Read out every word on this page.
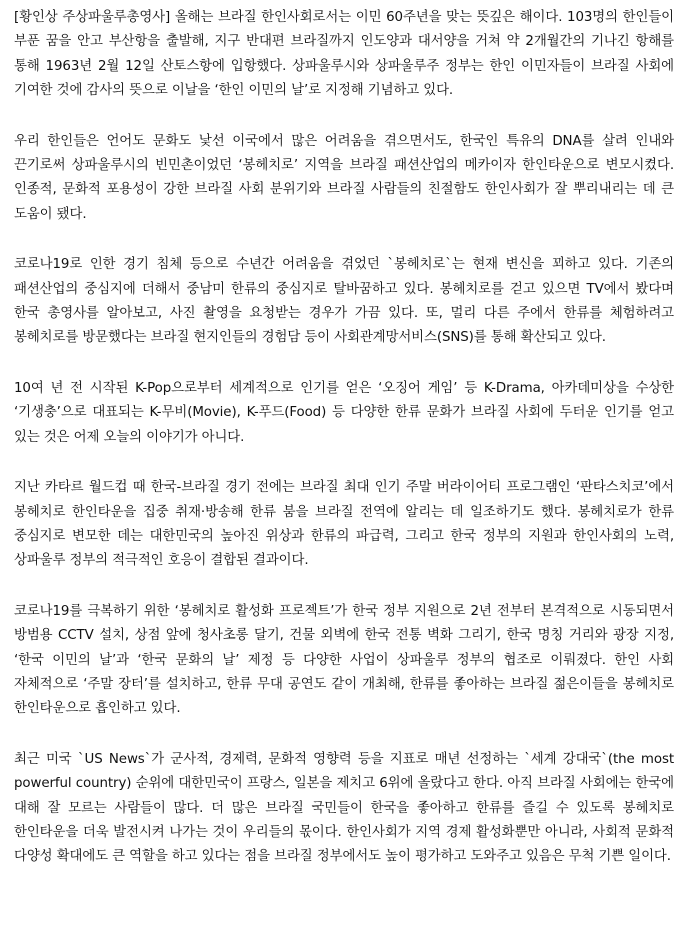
[황인상 주상파울루총영사] 올해는 브라질 한인사회로서는 이민 60주년을 맞는 뜻깊은 해이다. 103명의 한인들이 부푼 꿈을 안고 부산항을 출발해, 지구 반대편 브라질까지 인도양과 대서양을 거쳐 약 2개월간의 기나긴 항해를 통해 1963년 2월 12일 산토스항에 입항했다. 상파울루시와 상파울루주 정부는 한인 이민자들이 브라질 사회에 기여한 것에 감사의 뜻으로 이날을 ‘한인 이민의 날’로 지정해 기념하고 있다.

우리 한인들은 언어도 문화도 낯선 이국에서 많은 어려움을 겪으면서도, 한국인 특유의 DNA를 살려 인내와 끈기로써 상파울루시의 빈민촌이었던 ‘봉헤치로’ 지역을 브라질 패션산업의 메카이자 한인타운으로 변모시켰다. 인종적, 문화적 포용성이 강한 브라질 사회 분위기와 브라질 사람들의 친절함도 한인사회가 잘 뿌리내리는 데 큰 도움이 됐다.

코로나19로 인한 경기 침체 등으로 수년간 어려움을 겪었던 `봉헤치로`는 현재 변신을 꾀하고 있다. 기존의 패션산업의 중심지에 더해서 중남미 한류의 중심지로 탈바꿈하고 있다. 봉헤치로를 걷고 있으면 TV에서 봤다며 한국 총영사를 알아보고, 사진 촬영을 요청받는 경우가 가끔 있다. 또, 멀리 다른 주에서 한류를 체험하려고 봉헤치로를 방문했다는 브라질 현지인들의 경험담 등이 사회관계망서비스(SNS)를 통해 확산되고 있다.

10여 년 전 시작된 K-Pop으로부터 세계적으로 인기를 얻은 ‘오징어 게임’ 등 K-Drama, 아카데미상을 수상한 ‘기생충’으로 대표되는 K-무비(Movie), K-푸드(Food) 등 다양한 한류 문화가 브라질 사회에 두터운 인기를 얻고 있는 것은 어제 오늘의 이야기가 아니다.

지난 카타르 월드컵 때 한국-브라질 경기 전에는 브라질 최대 인기 주말 버라이어티 프로그램인 ‘판타스치코’에서 봉헤치로 한인타운을 집중 취재·방송해 한류 붐을 브라질 전역에 알리는 데 일조하기도 했다. 봉헤치로가 한류 중심지로 변모한 데는 대한민국의 높아진 위상과 한류의 파급력, 그리고 한국 정부의 지원과 한인사회의 노력, 상파울루 정부의 적극적인 호응이 결합된 결과이다.

코로나19를 극복하기 위한 ‘봉헤치로 활성화 프로젝트’가 한국 정부 지원으로 2년 전부터 본격적으로 시동되면서 방범용 CCTV 설치, 상점 앞에 청사초롱 달기, 건물 외벽에 한국 전통 벽화 그리기, 한국 명칭 거리와 광장 지정, ‘한국 이민의 날’과 ‘한국 문화의 날’ 제정 등 다양한 사업이 상파울루 정부의 협조로 이뤄졌다. 한인 사회 자체적으로 ‘주말 장터’를 설치하고, 한류 무대 공연도 같이 개최해, 한류를 좋아하는 브라질 젊은이들을 봉헤치로 한인타운으로 흡인하고 있다.

최근 미국 `US News`가 군사적, 경제력, 문화적 영향력 등을 지표로 매년 선정하는 `세계 강대국`(the most powerful country) 순위에 대한민국이 프랑스, 일본을 제치고 6위에 올랐다고 한다. 아직 브라질 사회에는 한국에 대해 잘 모르는 사람들이 많다. 더 많은 브라질 국민들이 한국을 좋아하고 한류를 즐길 수 있도록 봉헤치로 한인타운을 더욱 발전시켜 나가는 것이 우리들의 몫이다. 한인사회가 지역 경제 활성화뿐만 아니라, 사회적 문화적 다양성 확대에도 큰 역할을 하고 있다는 점을 브라질 정부에서도 높이 평가하고 도와주고 있음은 무척 기쁜 일이다.
